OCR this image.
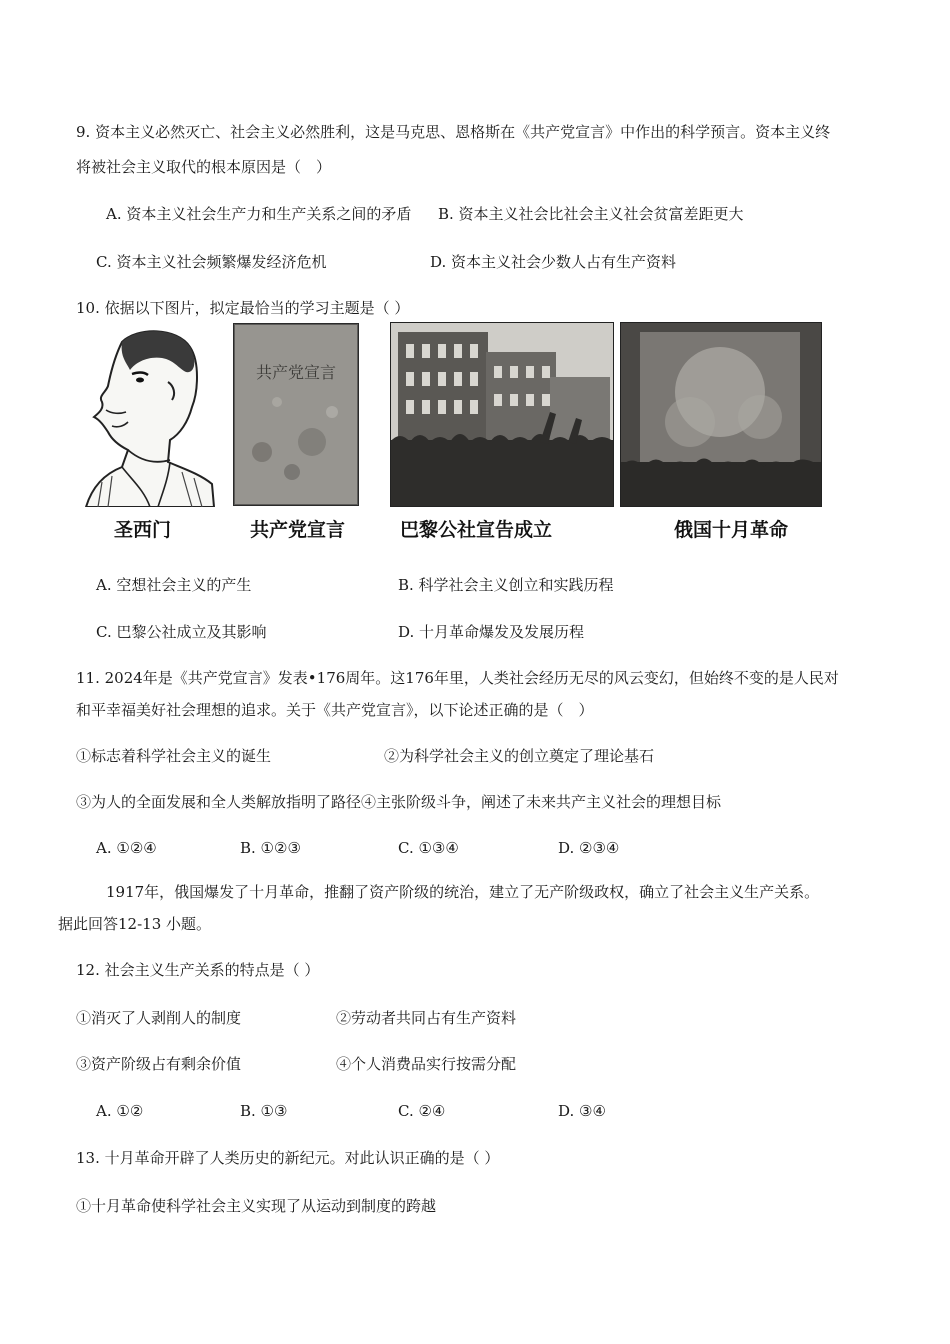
9. 资本主义必然灭亡、社会主义必然胜利，这是马克思、恩格斯在《共产党宣言》中作出的科学预言。资本主义终
将被社会主义取代的根本原因是（　）
A. 资本主义社会生产力和生产关系之间的矛盾 B. 资本主义社会比社会主义社会贫富差距更大
C. 资本主义社会频繁爆发经济危机	D. 资本主义社会少数人占有生产资料
10. 依据以下图片，拟定最恰当的学习主题是（ ）
圣西门
共产党宣言
共产党宣言	巴黎公社宣告成立	俄国十月革命
A. 空想社会主义的产生	B. 科学社会主义创立和实践历程
C. 巴黎公社成立及其影响	D. 十月革命爆发及发展历程
11. 2024年是《共产党宣言》发表•176周年。这176年里，人类社会经历无尽的风云变幻，但始终不变的是人民对
和平幸福美好社会理想的追求。关于《共产党宣言》，以下论述正确的是（　）
①标志着科学社会主义的诞生	②为科学社会主义的创立奠定了理论基石
③为人的全面发展和全人类解放指明了路径④主张阶级斗争，阐述了未来共产主义社会的理想目标
A. ①②④	B. ①②③	C. ①③④	D. ②③④
1917年，俄国爆发了十月革命，推翻了资产阶级的统治，建立了无产阶级政权，确立了社会主义生产关系。
据此回答12-13 小题。
12. 社会主义生产关系的特点是（ ）
①消灭了人剥削人的制度	②劳动者共同占有生产资料
③资产阶级占有剩余价值	④个人消费品实行按需分配
A. ①②	B. ①③	C. ②④	D. ③④
13. 十月革命开辟了人类历史的新纪元。对此认识正确的是（ ）
①十月革命使科学社会主义实现了从运动到制度的跨越
